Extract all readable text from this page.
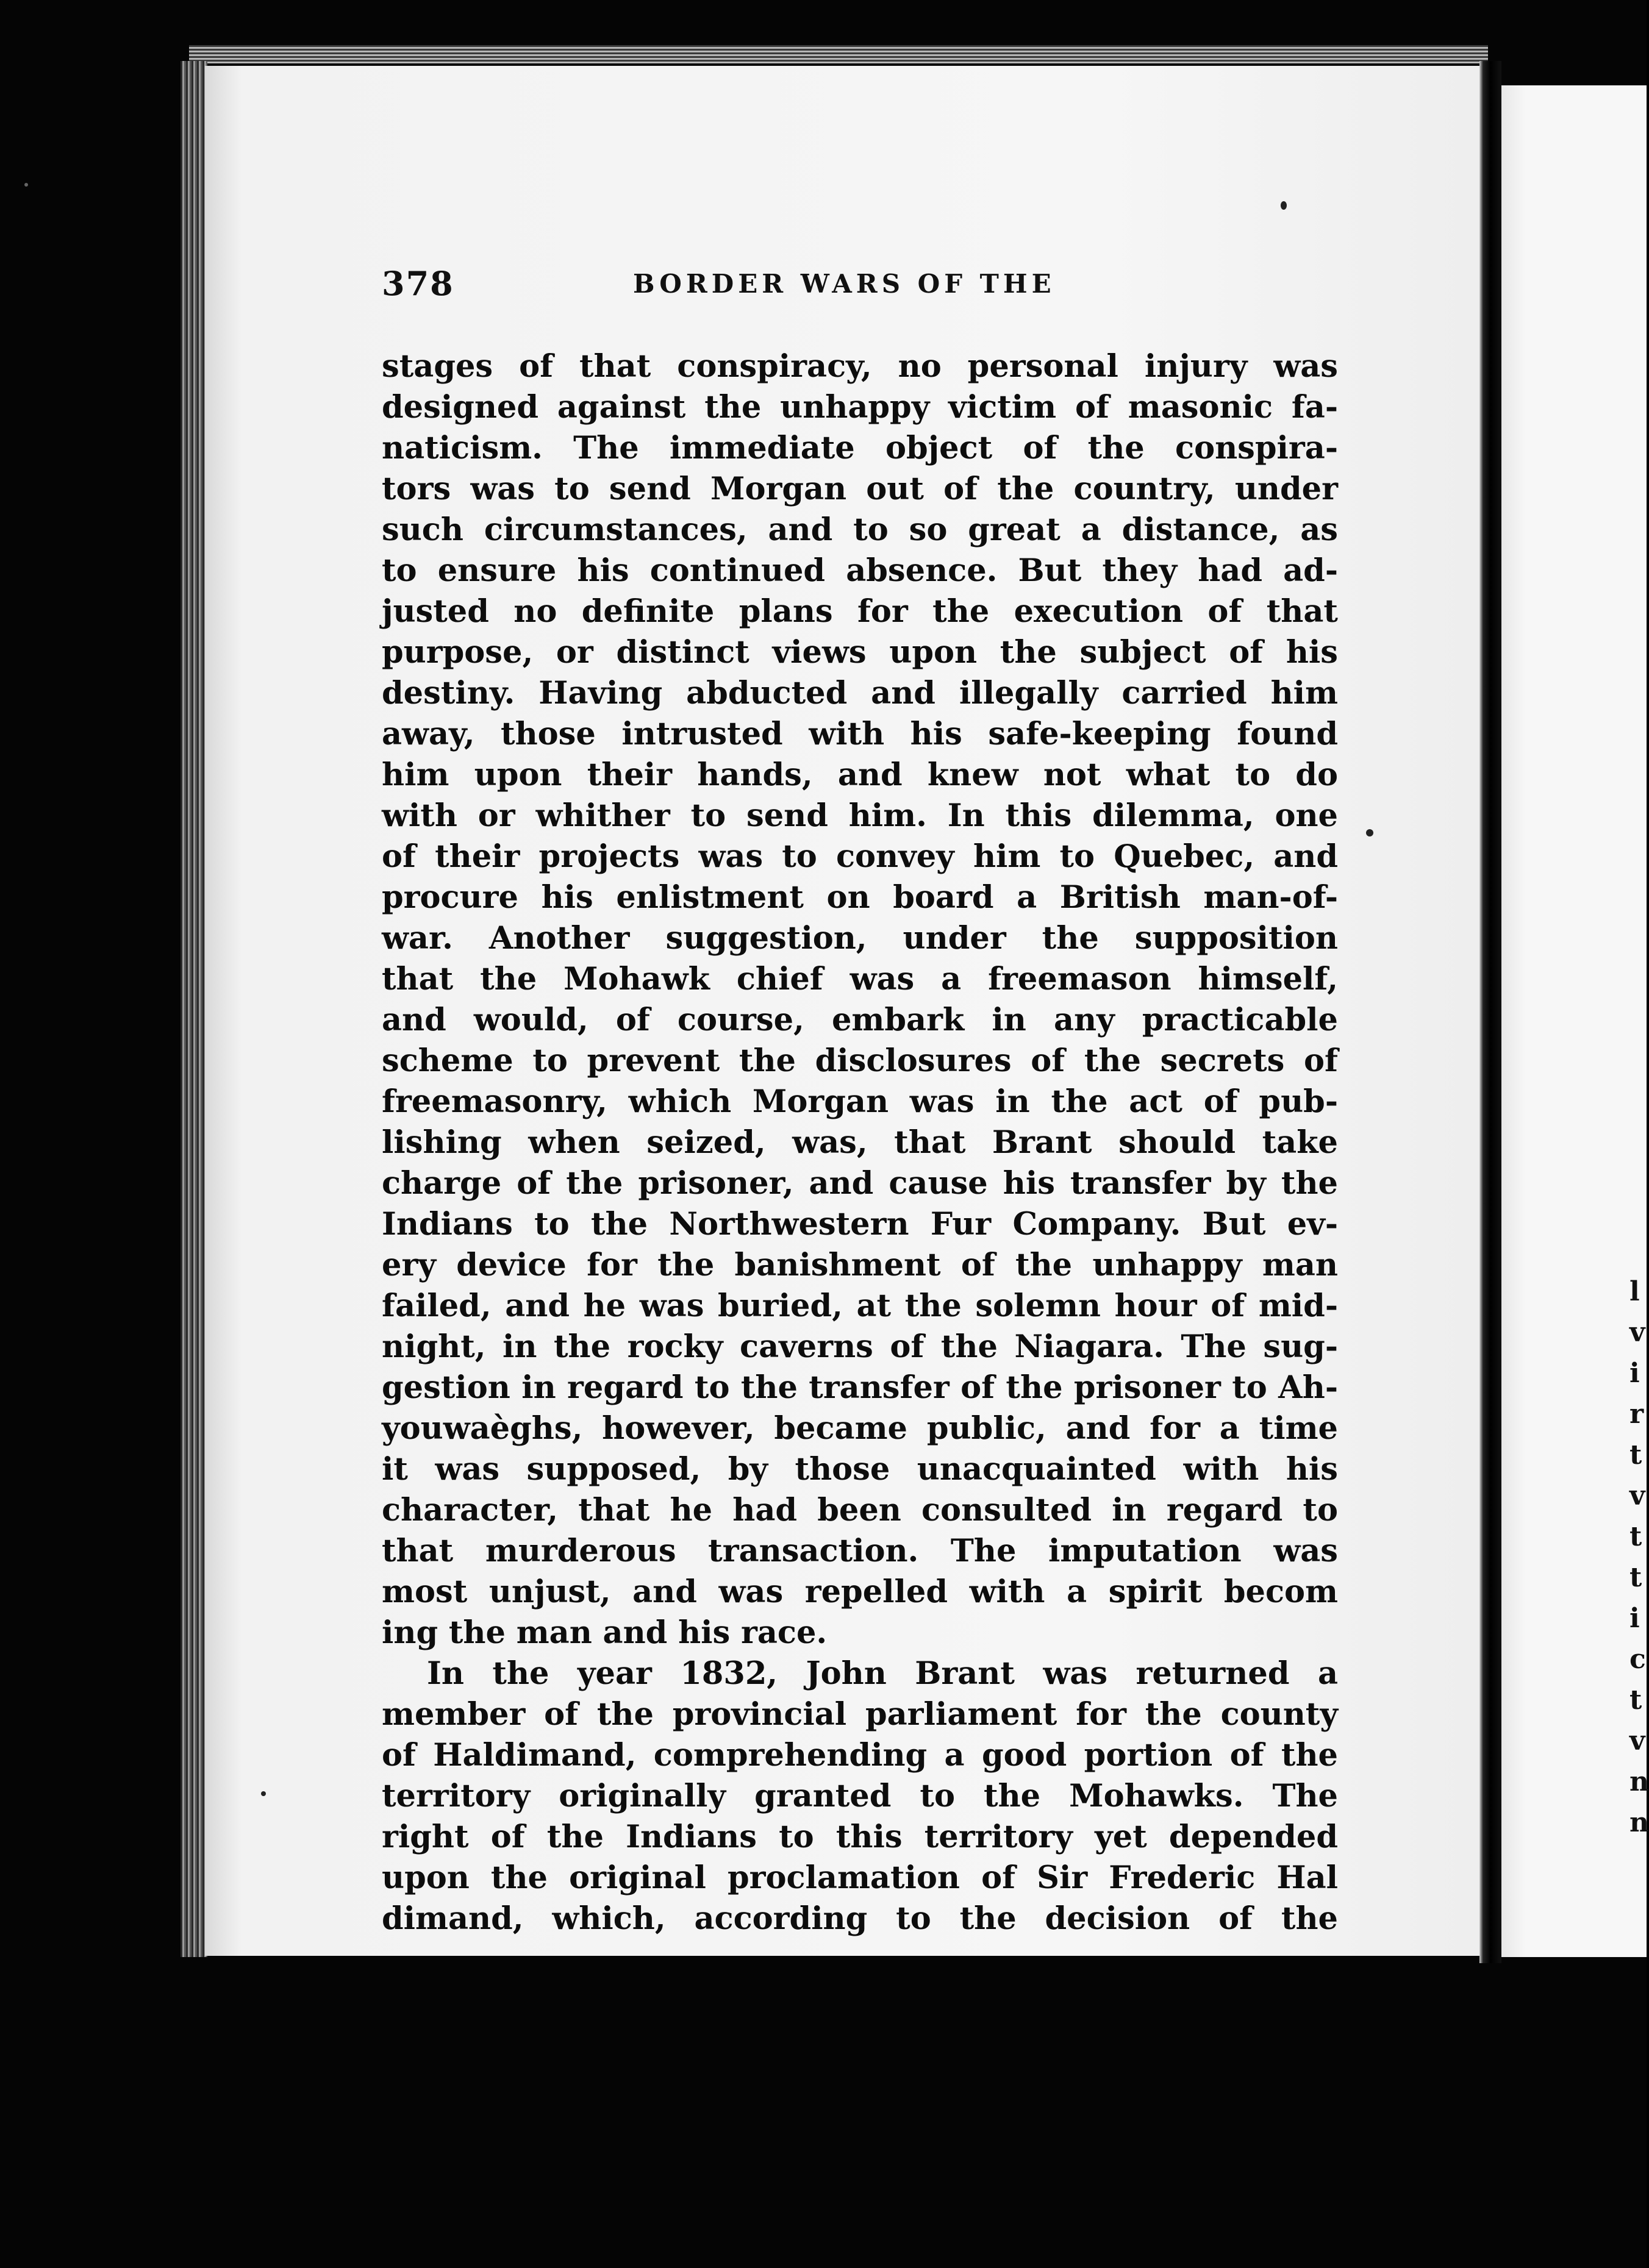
l
v
i
r
t
v
t
t
i
c
t
v
n
n
378	BORDER WARS OF THE
stages of that conspiracy, no personal injury was
designed against the unhappy victim of masonic fa-
naticism. The immediate object of the conspira-
tors was to send Morgan out of the country, under
such circumstances, and to so great a distance, as
to ensure his continued absence. But they had ad-
justed no definite plans for the execution of that
purpose, or distinct views upon the subject of his
destiny. Having abducted and illegally carried him
away, those intrusted with his safe-keeping found
him upon their hands, and knew not what to do
with or whither to send him. In this dilemma, one
of their projects was to convey him to Quebec, and
procure his enlistment on board a British man-of-
war. Another suggestion, under the supposition
that the Mohawk chief was a freemason himself,
and would, of course, embark in any practicable
scheme to prevent the disclosures of the secrets of
freemasonry, which Morgan was in the act of pub-
lishing when seized, was, that Brant should take
charge of the prisoner, and cause his transfer by the
Indians to the Northwestern Fur Company. But ev-
ery device for the banishment of the unhappy man
failed, and he was buried, at the solemn hour of mid-
night, in the rocky caverns of the Niagara. The sug-
gestion in regard to the transfer of the prisoner to Ah-
youwaèghs, however, became public, and for a time
it was supposed, by those unacquainted with his
character, that he had been consulted in regard to
that murderous transaction. The imputation was
most unjust, and was repelled with a spirit becom
ing the man and his race.
In the year 1832, John Brant was returned a
member of the provincial parliament for the county
of Haldimand, comprehending a good portion of the
territory originally granted to the Mohawks. The
right of the Indians to this territory yet depended
upon the original proclamation of Sir Frederic Hal
dimand, which, according to the decision of the
